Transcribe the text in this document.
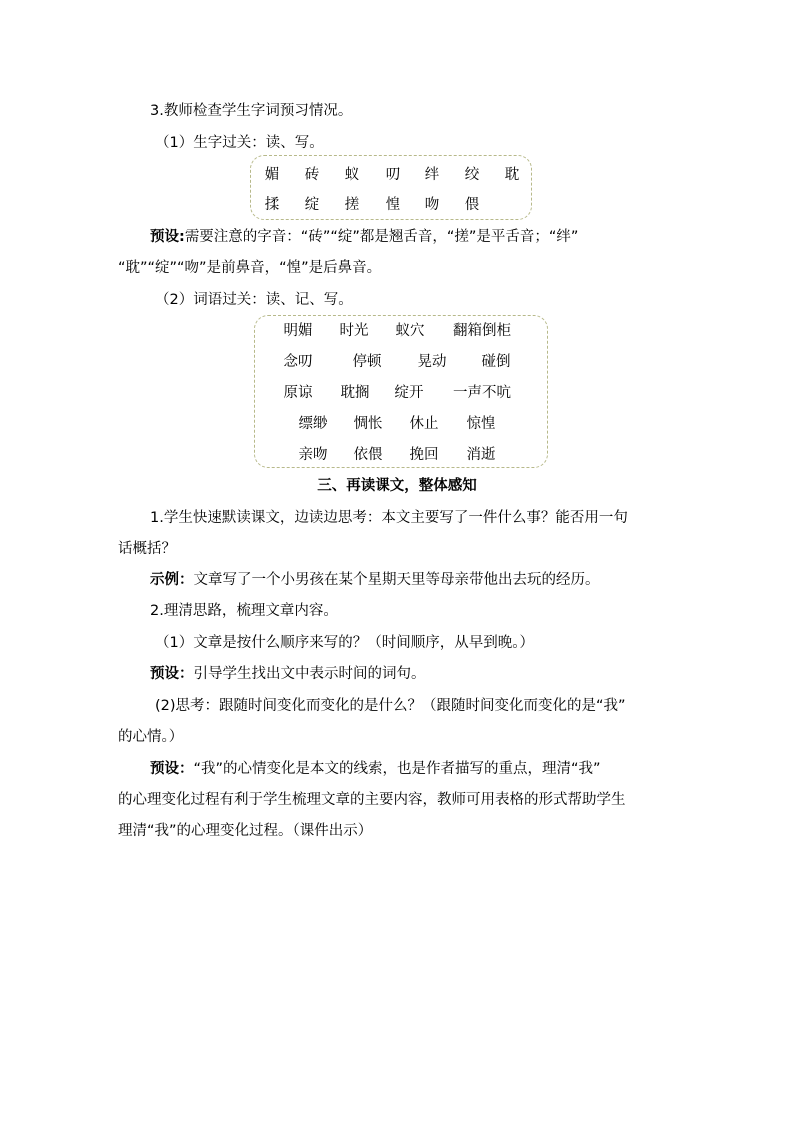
3.教师检查学生字词预习情况。
（1）生字过关：读、写。
媚 砖 蚁 叨 绊 绞 耽
揉 绽 搓 惶 吻 偎
预设:需要注意的字音：“砖”“绽”都是翘舌音，“搓”是平舌音；“绊”
“耽”“绽”“吻”是前鼻音，“惶”是后鼻音。
（2）词语过关：读、记、写。
明媚	时光	蚁穴	翻箱倒柜
念叨	停顿	晃动	碰倒
原谅	耽搁	绽开	一声不吭
缥缈	惆怅	休止	惊惶
亲吻	依偎	挽回	消逝
三、再读课文，整体感知
1.学生快速默读课文，边读边思考：本文主要写了一件什么事？能否用一句
话概括？
示例：文章写了一个小男孩在某个星期天里等母亲带他出去玩的经历。
2.理清思路，梳理文章内容。
（1）文章是按什么顺序来写的？（时间顺序，从早到晚。）
预设：引导学生找出文中表示时间的词句。
(2)思考：跟随时间变化而变化的是什么？（跟随时间变化而变化的是“我”
的心情。）
预设：“我”的心情变化是本文的线索，也是作者描写的重点，理清“我”
的心理变化过程有利于学生梳理文章的主要内容，教师可用表格的形式帮助学生
理清“我”的心理变化过程。（课件出示）
